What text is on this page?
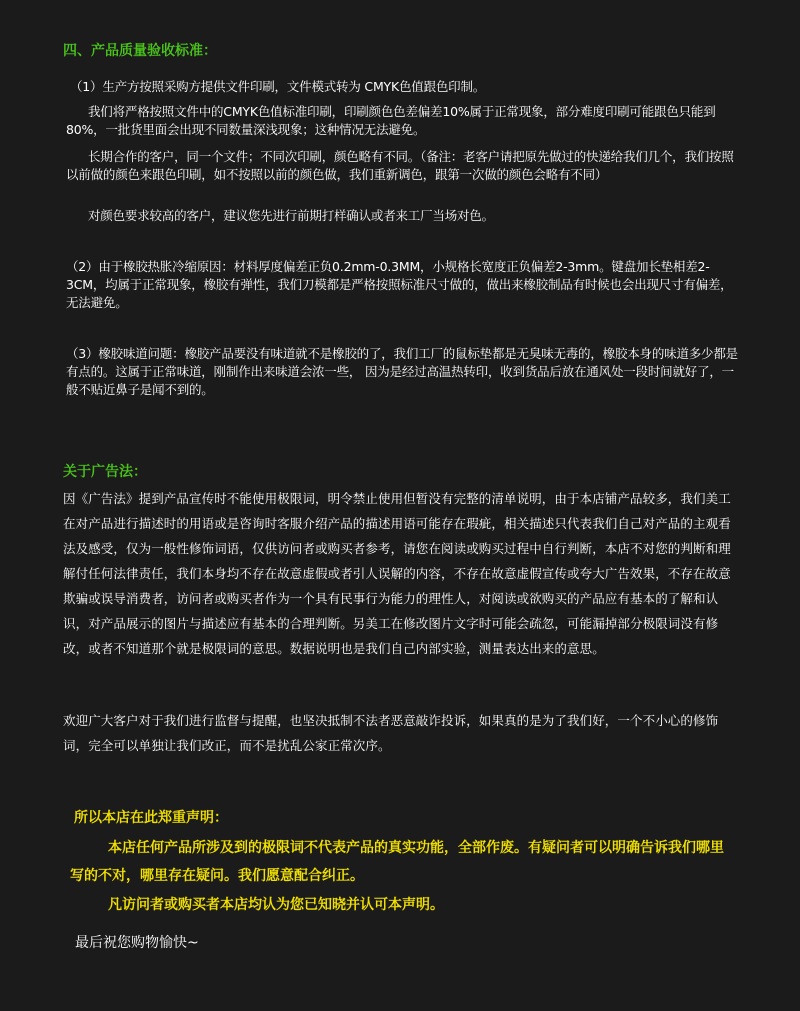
四、产品质量验收标准：
（1）生产方按照采购方提供文件印刷，文件模式转为 CMYK色值跟色印制。
我们将严格按照文件中的CMYK色值标准印刷，印刷颜色色差偏差10%属于正常现象，部分难度印刷可能跟色只能到80%，一批货里面会出现不同数量深浅现象；这种情况无法避免。
长期合作的客户，同一个文件；不同次印刷，颜色略有不同。（备注：老客户请把原先做过的快递给我们几个，我们按照以前做的颜色来跟色印刷，如不按照以前的颜色做，我们重新调色，跟第一次做的颜色会略有不同）
对颜色要求较高的客户，建议您先进行前期打样确认或者来工厂当场对色。
（2）由于橡胶热胀冷缩原因：材料厚度偏差正负0.2mm-0.3MM，小规格长宽度正负偏差2-3mm。键盘加长垫相差2-3CM，均属于正常现象，橡胶有弹性，我们刀模都是严格按照标准尺寸做的，做出来橡胶制品有时候也会出现尺寸有偏差，无法避免。
（3）橡胶味道问题：橡胶产品要没有味道就不是橡胶的了，我们工厂的鼠标垫都是无臭味无毒的，橡胶本身的味道多少都是有点的。这属于正常味道，刚制作出来味道会浓一些， 因为是经过高温热转印，收到货品后放在通风处一段时间就好了，一般不贴近鼻子是闻不到的。
关于广告法：
因《广告法》提到产品宣传时不能使用极限词，明令禁止使用但暂没有完整的清单说明，由于本店铺产品较多，我们美工在对产品进行描述时的用语或是咨询时客服介绍产品的描述用语可能存在瑕疵，相关描述只代表我们自己对产品的主观看法及感受，仅为一般性修饰词语，仅供访问者或购买者参考，请您在阅读或购买过程中自行判断，本店不对您的判断和理解付任何法律责任，我们本身均不存在故意虚假或者引人误解的内容，不存在故意虚假宣传或夸大广告效果，不存在故意欺骗或误导消费者，访问者或购买者作为一个具有民事行为能力的理性人，对阅读或欲购买的产品应有基本的了解和认识，对产品展示的图片与描述应有基本的合理判断。另美工在修改图片文字时可能会疏忽，可能漏掉部分极限词没有修改，或者不知道那个就是极限词的意思。数据说明也是我们自己内部实验，测量表达出来的意思。
欢迎广大客户对于我们进行监督与提醒，也坚决抵制不法者恶意敲诈投诉，如果真的是为了我们好，一个不小心的修饰词，完全可以单独让我们改正，而不是扰乱公家正常次序。
所以本店在此郑重声明：
本店任何产品所涉及到的极限词不代表产品的真实功能，全部作废。有疑问者可以明确告诉我们哪里写的不对，哪里存在疑问。我们愿意配合纠正。
凡访问者或购买者本店均认为您已知晓并认可本声明。
最后祝您购物愉快~
